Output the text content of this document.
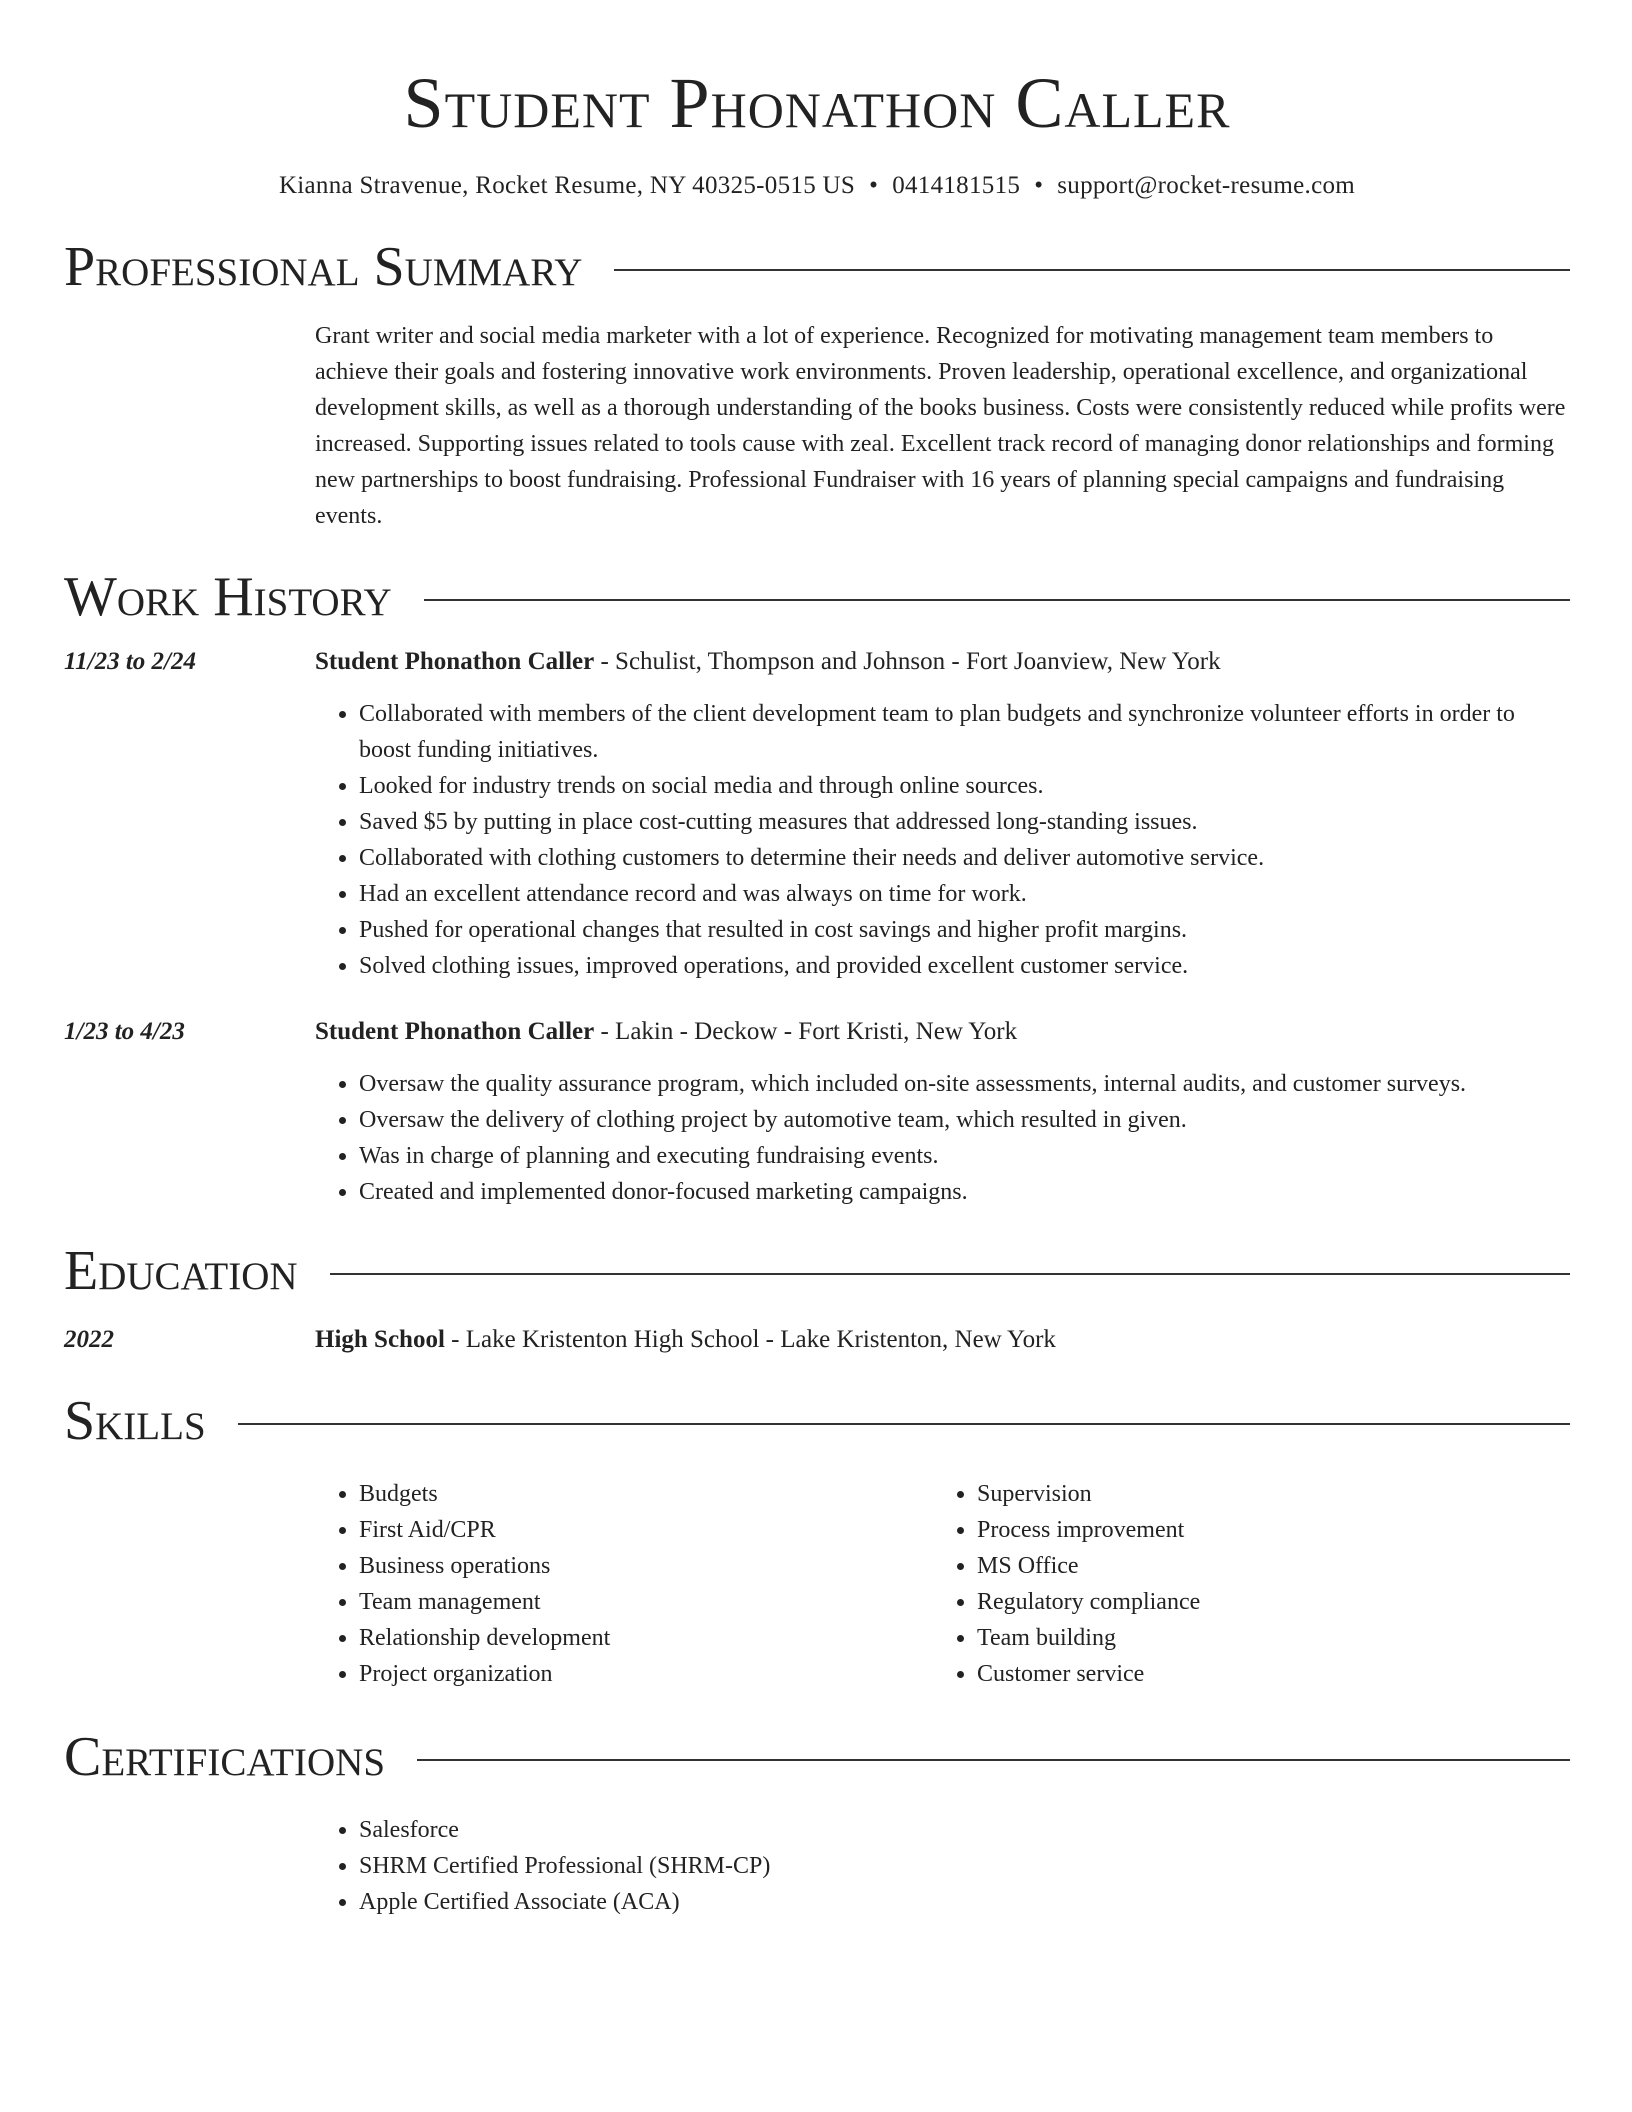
Student Phonathon Caller
Kianna Stravenue, Rocket Resume, NY 40325-0515 US • 0414181515 • support@rocket-resume.com
Professional Summary

Grant writer and social media marketer with a lot of experience. Recognized for motivating management team members to achieve their goals and fostering innovative work environments. Proven leadership, operational excellence, and organizational development skills, as well as a thorough understanding of the books business. Costs were consistently reduced while profits were increased. Supporting issues related to tools cause with zeal. Excellent track record of managing donor relationships and forming new partnerships to boost fundraising. Professional Fundraiser with 16 years of planning special campaigns and fundraising events.

Work History
11/23 to 2/24	Student Phonathon Caller - Schulist, Thompson and Johnson - Fort Joanview, New York
• Collaborated with members of the client development team to plan budgets and synchronize volunteer efforts in order to boost funding initiatives.
• Looked for industry trends on social media and through online sources.
• Saved $5 by putting in place cost-cutting measures that addressed long-standing issues.
• Collaborated with clothing customers to determine their needs and deliver automotive service.
• Had an excellent attendance record and was always on time for work.
• Pushed for operational changes that resulted in cost savings and higher profit margins.
• Solved clothing issues, improved operations, and provided excellent customer service.
1/23 to 4/23	Student Phonathon Caller - Lakin - Deckow - Fort Kristi, New York
• Oversaw the quality assurance program, which included on-site assessments, internal audits, and customer surveys.
• Oversaw the delivery of clothing project by automotive team, which resulted in given.
• Was in charge of planning and executing fundraising events.
• Created and implemented donor-focused marketing campaigns.
Education
2022	High School - Lake Kristenton High School - Lake Kristenton, New York
Skills
• Budgets
• First Aid/CPR
• Business operations
• Team management
• Relationship development
• Project organization
• Supervision
• Process improvement
• MS Office
• Regulatory compliance
• Team building
• Customer service
Certifications
• Salesforce
• SHRM Certified Professional (SHRM-CP)
• Apple Certified Associate (ACA)
